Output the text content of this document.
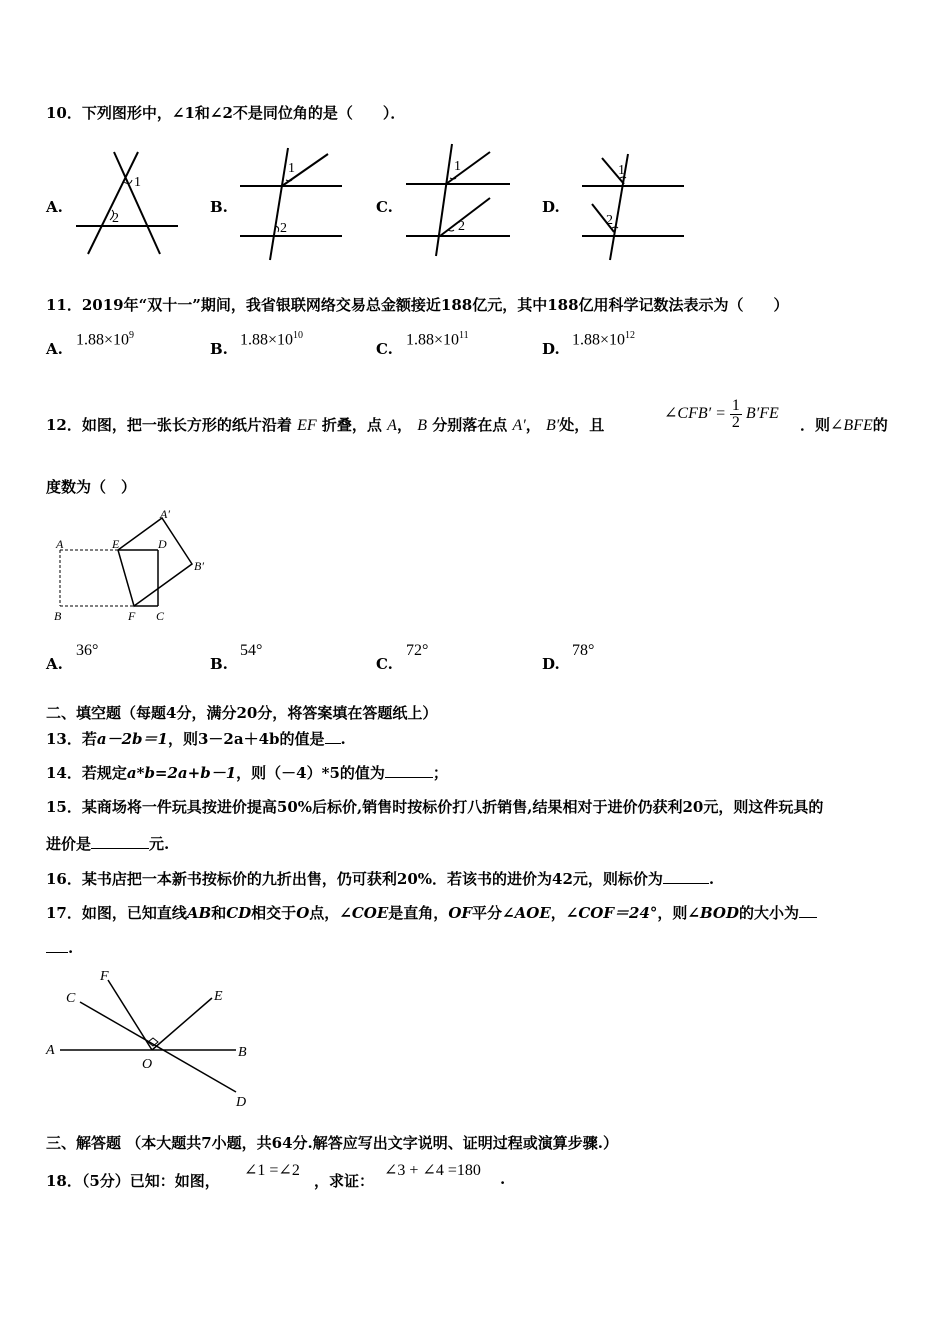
10．下列图形中，∠1和∠2不是同位角的是（　　）．
A.
1
2
B.
1
2
C.
1
2
D.
1
2
11．2019年“双十一”期间，我省银联网络交易总金额接近188亿元，其中188亿用科学记数法表示为（　　）
A.
$1.88\times 10^9$
B.
$1.88\times 10^{10}$
C.
$1.88\times 10^{11}$
D.
$1.88\times 10^{12}$
12．如图，把一张长方形的纸片沿着 EF 折叠，点 A， B 分别落在点 A′， B′处，且
∠CFB′ = $\frac{1}{2} B'FE$
．则∠BFE的
度数为（　）
A	E	D
A′
B′
B	F C
A.
36°
B.
54°
C.
72°
D.
78°
二、填空题（每题4分，满分20分，将答案填在答题纸上）
13．若a－2b＝1，则3－2a＋4b的值是 .
14．若规定a*b=2a+b－1，则（－4）*5的值为	；
15．某商场将一件玩具按进价提高50%后标价,销售时按标价打八折销售,结果相对于进价仍获利20元，则这件玩具的
进价是	元.
16．某书店把一本新书按标价的九折出售，仍可获利20%．若该书的进价为42元，则标价为	.
17．如图，已知直线AB和CD相交于O点，∠COE是直角，OF平分∠AOE，∠COF＝24°，则∠BOD的大小为
.
C
F
E
A
O
B
D
三、解答题 （本大题共7小题，共64分.解答应写出文字说明、证明过程或演算步骤.）
18．（5分）已知：如图，
∠1 =∠2
，求证：
∠3 + ∠4 =180 .
